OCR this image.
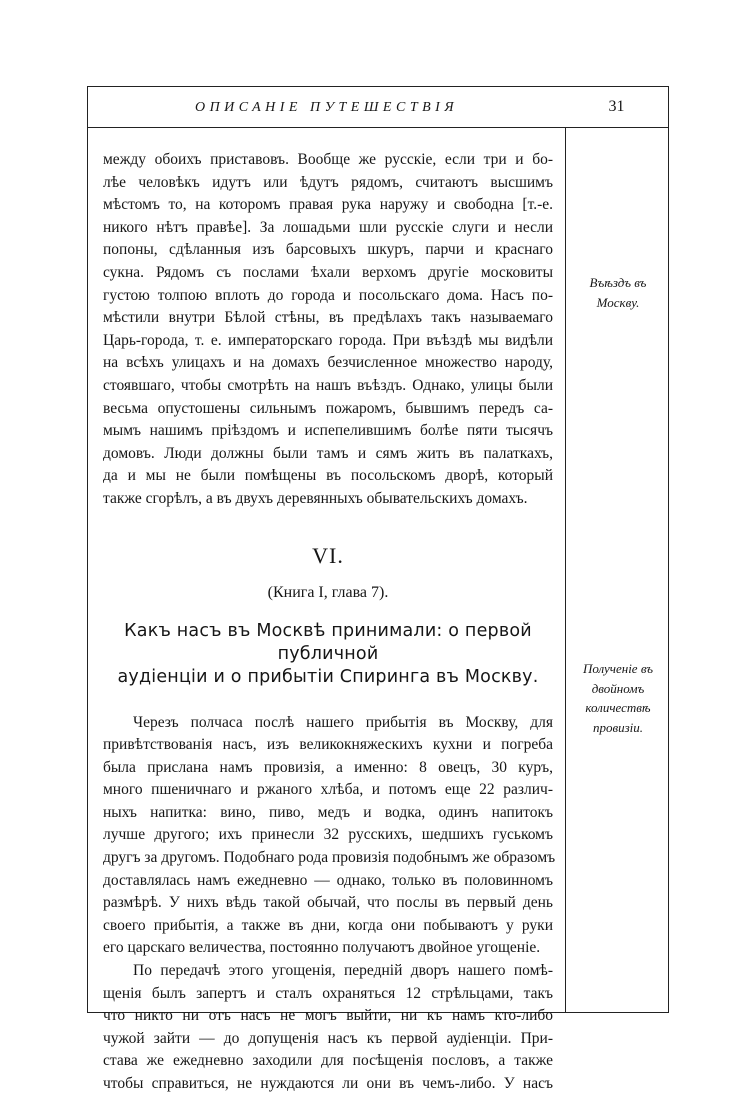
ОПИСАНІЕ ПУТЕШЕСТВІЯ	31

между обоихъ приставовъ. Вообще же русскіе, если три и бо-
лѣе человѣкъ идутъ или ѣдутъ рядомъ, считаютъ высшимъ
мѣстомъ то, на которомъ правая рука наружу и свободна [т.-е.
никого нѣтъ правѣе]. За лошадьми шли русскіе слуги и несли
попоны, сдѣланныя изъ барсовыхъ шкуръ, парчи и краснаго
сукна. Рядомъ съ послами ѣхали верхомъ другіе московиты
густою толпою вплоть до города и посольскаго дома. Насъ по-
мѣстили внутри Бѣлой стѣны, въ предѣлахъ такъ называемаго
Царь-города, т. е. императорскаго города. При въѣздѣ мы видѣли
на всѣхъ улицахъ и на домахъ безчисленное множество народу,
стоявшаго, чтобы смотрѣть на нашъ въѣздъ. Однако, улицы были
весьма опустошены сильнымъ пожаромъ, бывшимъ передъ са-
мымъ нашимъ пріѣздомъ и испепелившимъ болѣе пяти тысячъ
домовъ. Люди должны были тамъ и сямъ жить въ палаткахъ,
да и мы не были помѣщены въ посольскомъ дворѣ, который
также сгорѣлъ, а въ двухъ деревянныхъ обывательскихъ домахъ.

VI.
(Книга I, глава 7).
Какъ насъ въ Москвѣ принимали: о первой публичной
аудіенціи и о прибытіи Спиринга въ Москву.

Черезъ полчаса послѣ нашего прибытія въ Москву, для
привѣтствованія насъ, изъ великокняжескихъ кухни и погреба
была прислана намъ провизія, а именно: 8 овецъ, 30 куръ,
много пшеничнаго и ржаного хлѣба, и потомъ еще 22 различ-
ныхъ напитка: вино, пиво, медъ и водка, одинъ напитокъ
лучше другого; ихъ принесли 32 русскихъ, шедшихъ гуськомъ
другъ за другомъ. Подобнаго рода провизія подобнымъ же образомъ
доставлялась намъ ежедневно — однако, только въ половинномъ
размѣрѣ. У нихъ вѣдь такой обычай, что послы въ первый день
своего прибытія, а также въ дни, когда они побываютъ у руки
его царскаго величества, постоянно получаютъ двойное угощеніе.

По передачѣ этого угощенія, передній дворъ нашего помѣ-
щенія былъ запертъ и сталъ охраняться 12 стрѣльцами, такъ
что никто ни отъ насъ не могъ выйти, ни къ намъ кто-либо
чужой зайти — до допущенія насъ къ первой аудіенціи. При-
става же ежедневно заходили для посѣщенія пословъ, а также
чтобы справиться, не нуждаются ли они въ чемъ-либо. У насъ

Въѣздъ въ
Москву.
Полученіе въ
двойномъ
количествѣ
провизіи.
